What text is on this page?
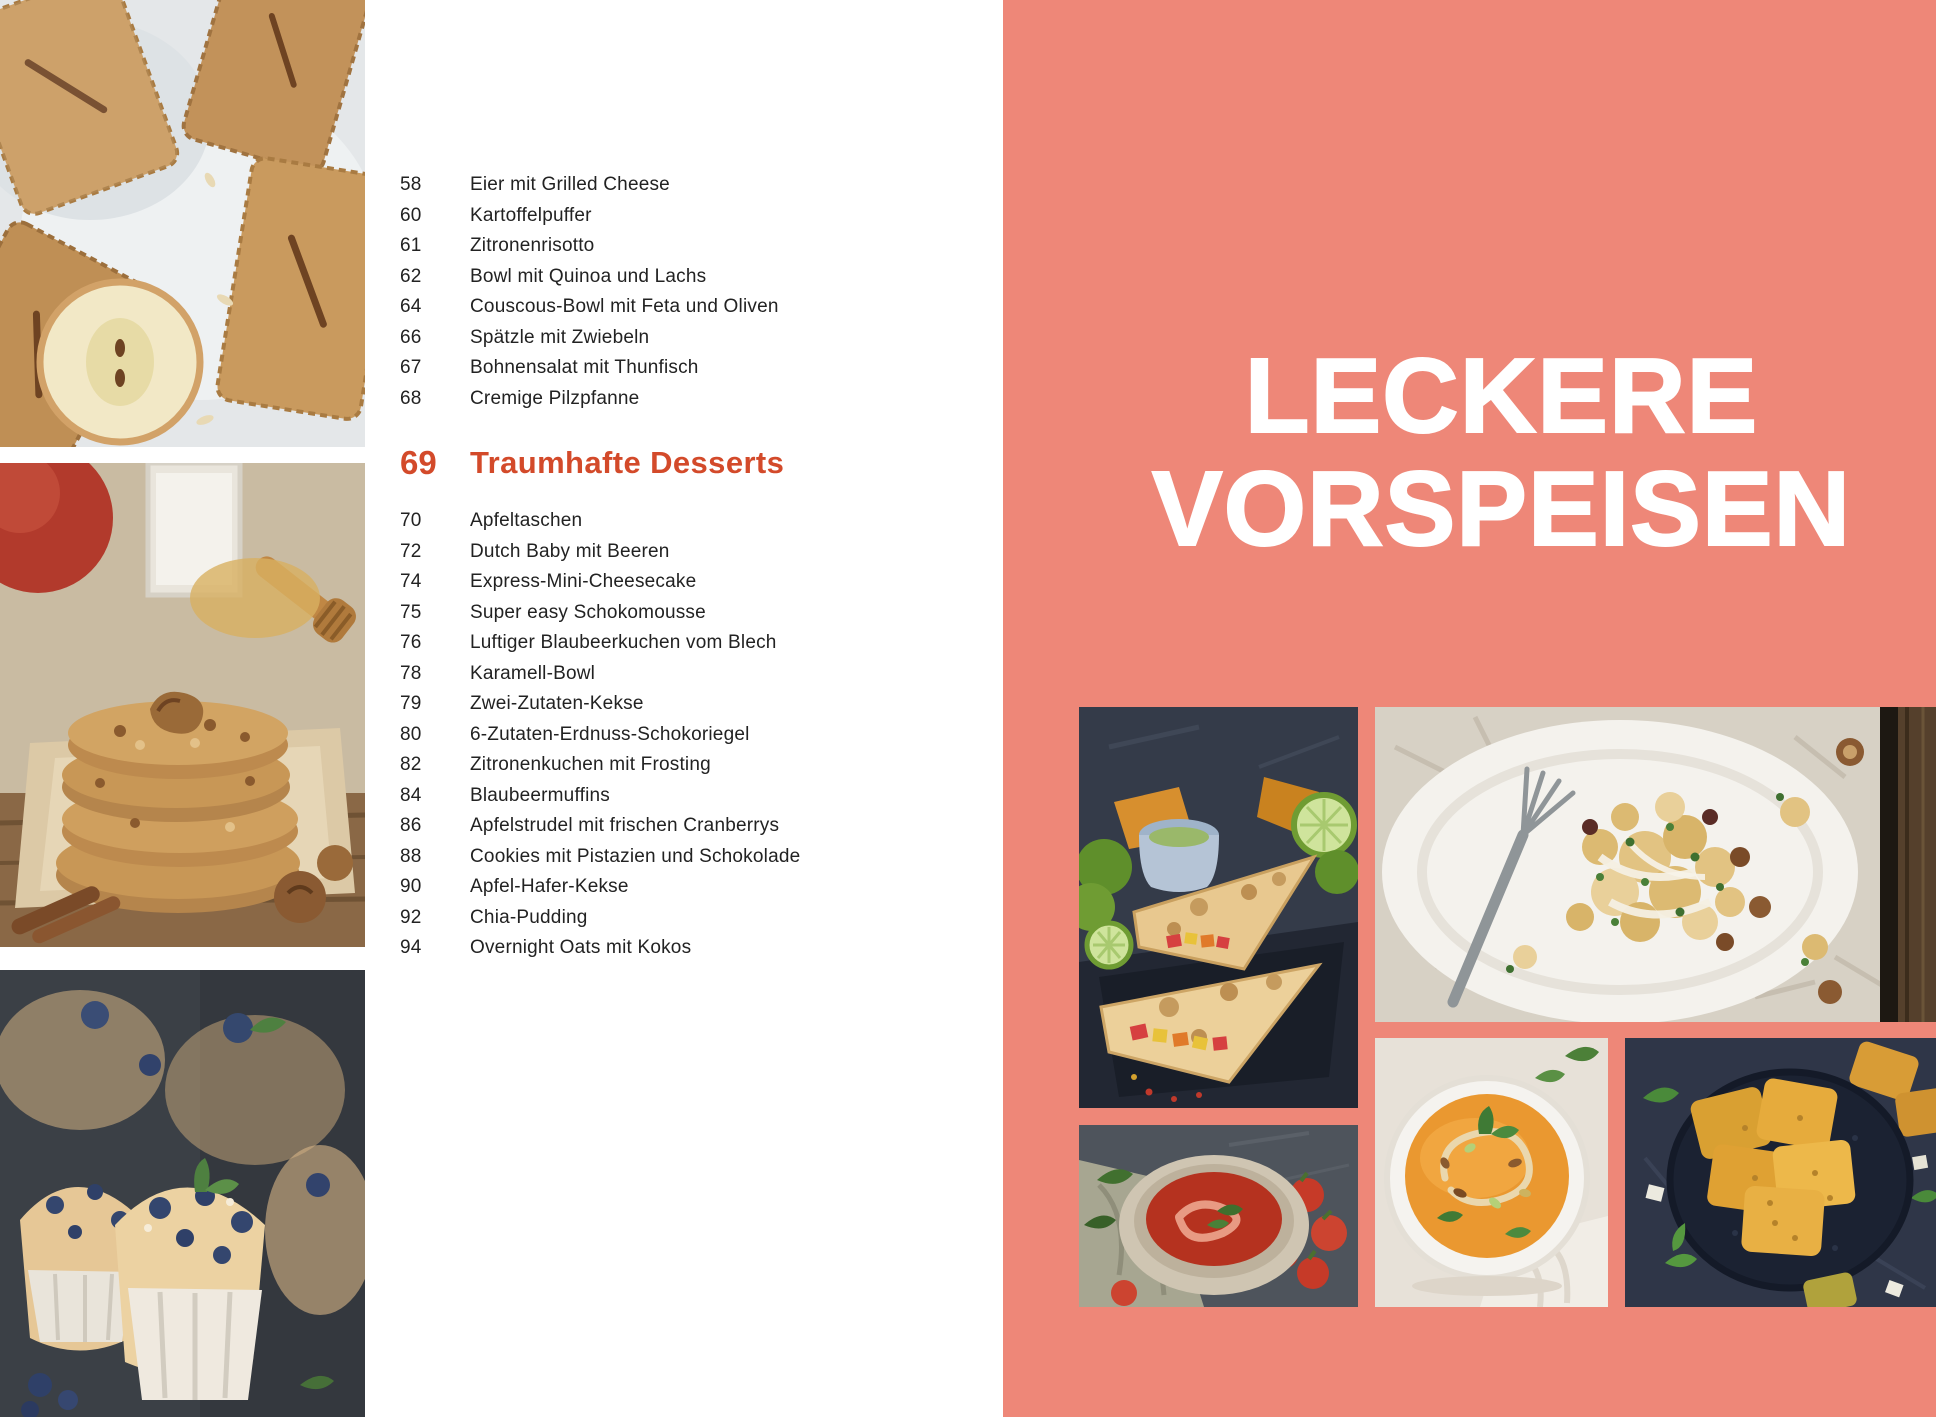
58	Eier mit Grilled Cheese
60	Kartoffelpuffer
61	Zitronenrisotto
62	Bowl mit Quinoa und Lachs
64	Couscous-Bowl mit Feta und Oliven
66	Spätzle mit Zwiebeln
67	Bohnensalat mit Thunfisch
68	Cremige Pilzpfanne
69	Traumhafte Desserts
70	Apfeltaschen
72	Dutch Baby mit Beeren
74	Express-Mini-Cheesecake
75	Super easy Schokomousse
76	Luftiger Blaubeerkuchen vom Blech
78	Karamell-Bowl
79	Zwei-Zutaten-Kekse
80	6-Zutaten-Erdnuss-Schokoriegel
82	Zitronenkuchen mit Frosting
84	Blaubeermuffins
86	Apfelstrudel mit frischen Cranberrys
88	Cookies mit Pistazien und Schokolade
90	Apfel-Hafer-Kekse
92	Chia-Pudding
94	Overnight Oats mit Kokos
LECKERE
VORSPEISEN
